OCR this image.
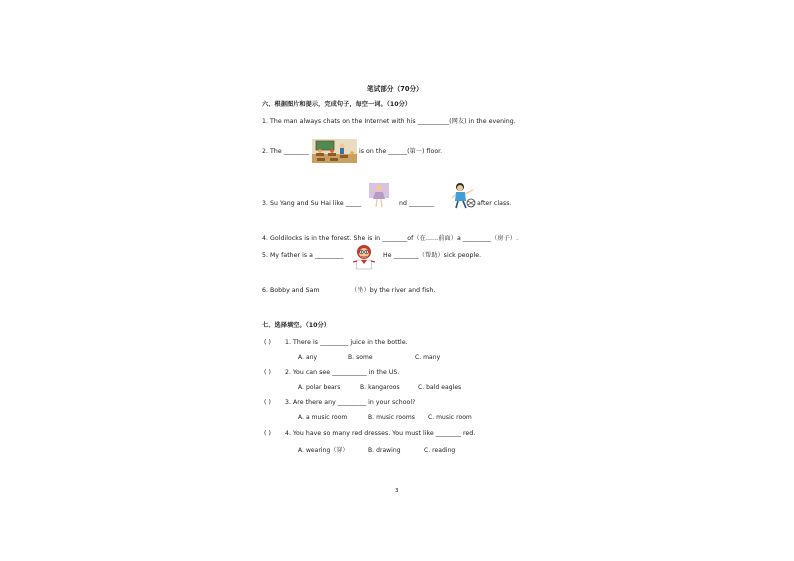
笔试部分（70分）
六、根据图片和提示，完成句子，每空一词。（10分）
1. The man always chats on the Internet with his __________(网友) in the evening.
2. The ________	is on the ______(第一) floor.
3. Su Yang and Su Hai like _____	nd ________	after class.
4. Goldilocks is in the forest. She is in ________of（在……前面）a _________（房子）.
5. My father is a _________	He ________（帮助）sick people.
6. Bobby and Sam	（坐）by the river and fish.
七、选择填空。（10分）
( ) 1. There is _________ juice in the bottle.
A. any	B. some	C. many
( ) 2. You can see ___________ in the US.
A. polar bears	B. kangaroos	C. bald eagles
( ) 3. Are there any _________ in your school?
A. a music room	B. music rooms C. music room
( ) 4. You have so many red dresses. You must like ________ red.
A. wearing（穿）	B. drawing	C. reading
3
